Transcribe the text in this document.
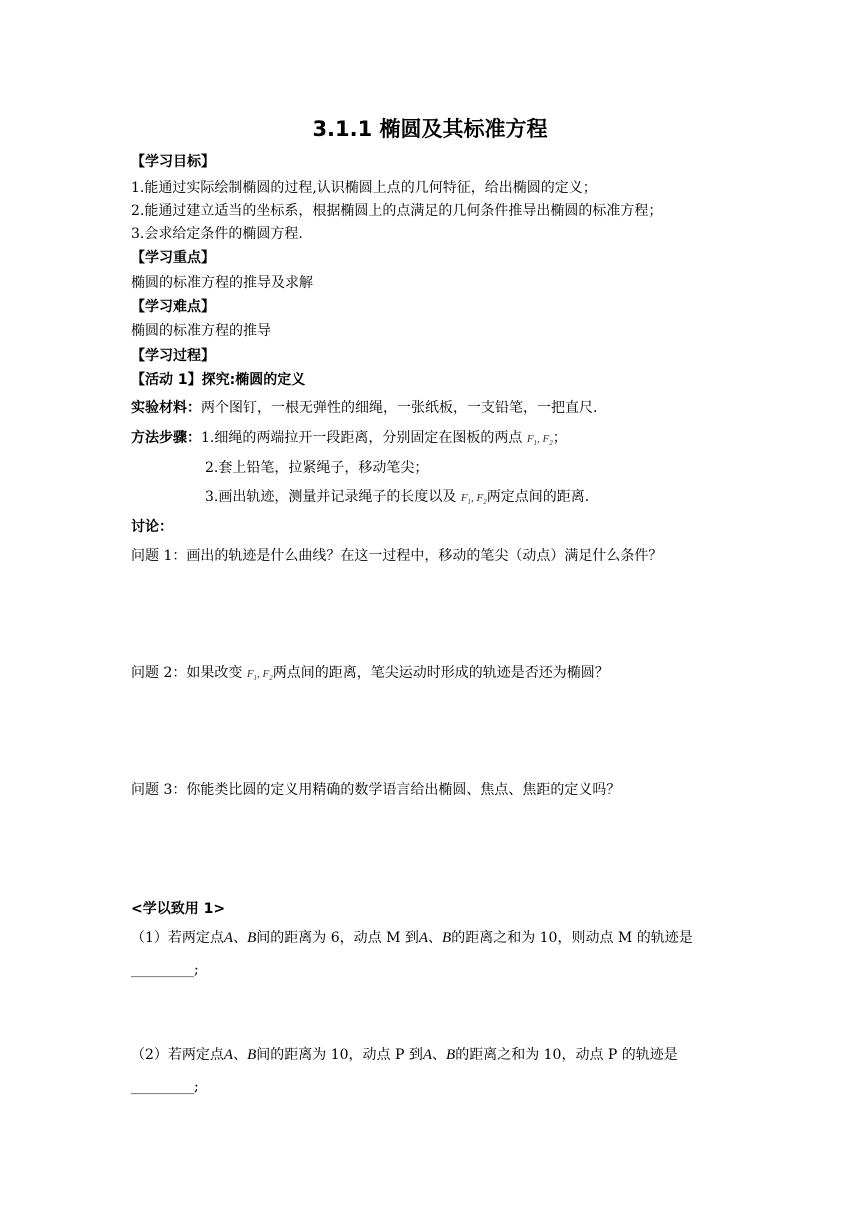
3.1.1 椭圆及其标准方程
【学习目标】
1.能通过实际绘制椭圆的过程,认识椭圆上点的几何特征，给出椭圆的定义；
2.能通过建立适当的坐标系，根据椭圆上的点满足的几何条件推导出椭圆的标准方程；
3.会求给定条件的椭圆方程.
【学习重点】
椭圆的标准方程的推导及求解
【学习难点】
椭圆的标准方程的推导
【学习过程】
【活动 1】探究:椭圆的定义
实验材料：两个图钉，一根无弹性的细绳，一张纸板，一支铅笔，一把直尺.
方法步骤：1.细绳的两端拉开一段距离，分别固定在图板的两点 $F_1$, $F_2$；
2.套上铅笔，拉紧绳子，移动笔尖；
3.画出轨迹，测量并记录绳子的长度以及 $F_1$, $F_2$两定点间的距离.
讨论：
问题 1：画出的轨迹是什么曲线？在这一过程中，移动的笔尖（动点）满足什么条件？
问题 2：如果改变 $F_1$, $F_2$两点间的距离，笔尖运动时形成的轨迹是否还为椭圆？
问题 3：你能类比圆的定义用精确的数学语言给出椭圆、焦点、焦距的定义吗？
<学以致用 1>
（1）若两定点A、B间的距离为 6，动点 M 到A、B的距离之和为 10，则动点 M 的轨迹是
_________;
（2）若两定点A、B间的距离为 10，动点 P 到A、B的距离之和为 10，动点 P 的轨迹是
_________;
